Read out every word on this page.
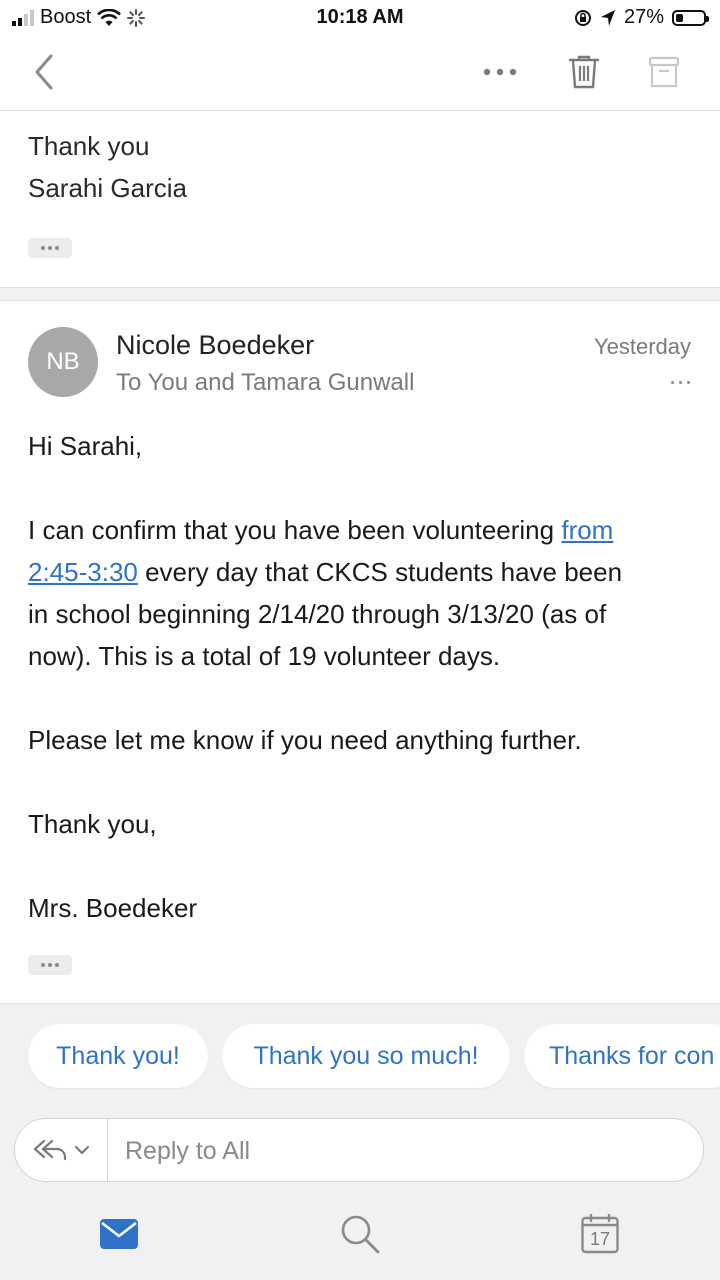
Boost	10:18 AM	27%
Thank you
Sarahi Garcia
NB
Nicole Boedeker
To You and Tamara Gunwall
Yesterday

Hi Sarahi,

I can confirm that you have been volunteering from
2:45-3:30 every day that CKCS students have been
in school beginning 2/14/20 through 3/13/20 (as of
now). This is a total of 19 volunteer days.

Please let me know if you need anything further.

Thank you,

Mrs. Boedeker

Thank you!	Thank you so much!	Thanks for con
Reply to All
17
